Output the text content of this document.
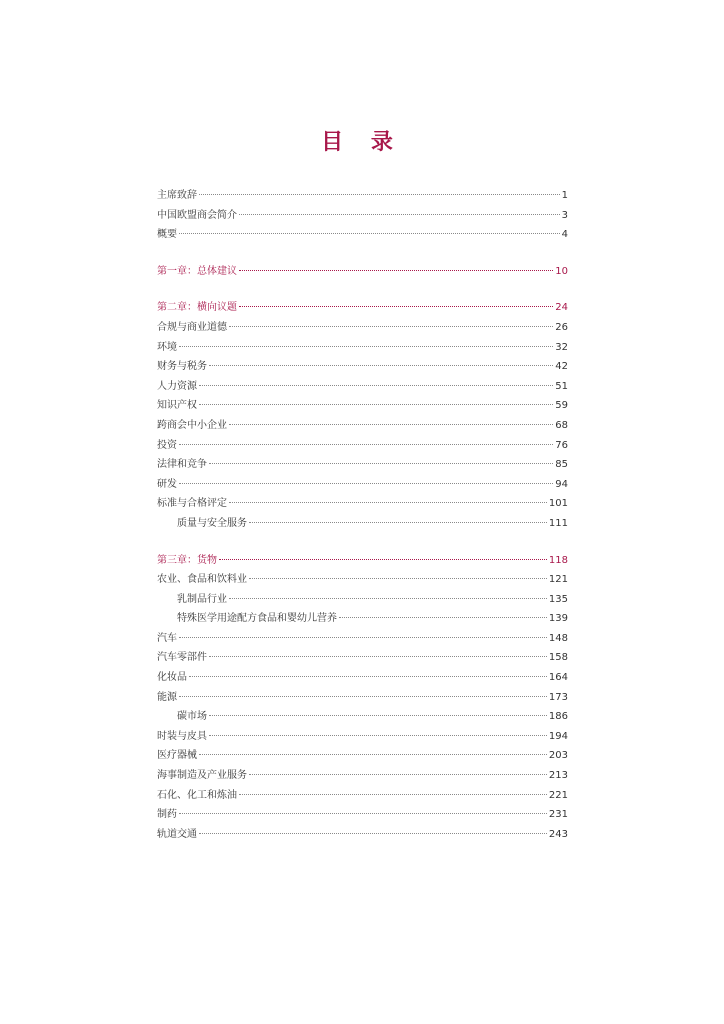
目 录
主席致辞	1
中国欧盟商会简介	3
概要	4
第一章：总体建议	10
第二章：横向议题	24
合规与商业道德	26
环境	32
财务与税务	42
人力资源	51
知识产权	59
跨商会中小企业	68
投资	76
法律和竞争	85
研发	94
标准与合格评定	101
质量与安全服务	111
第三章：货物	118
农业、食品和饮料业	121
乳制品行业	135
特殊医学用途配方食品和婴幼儿营养	139
汽车	148
汽车零部件	158
化妆品	164
能源	173
碳市场	186
时装与皮具	194
医疗器械	203
海事制造及产业服务	213
石化、化工和炼油	221
制药	231
轨道交通	243
